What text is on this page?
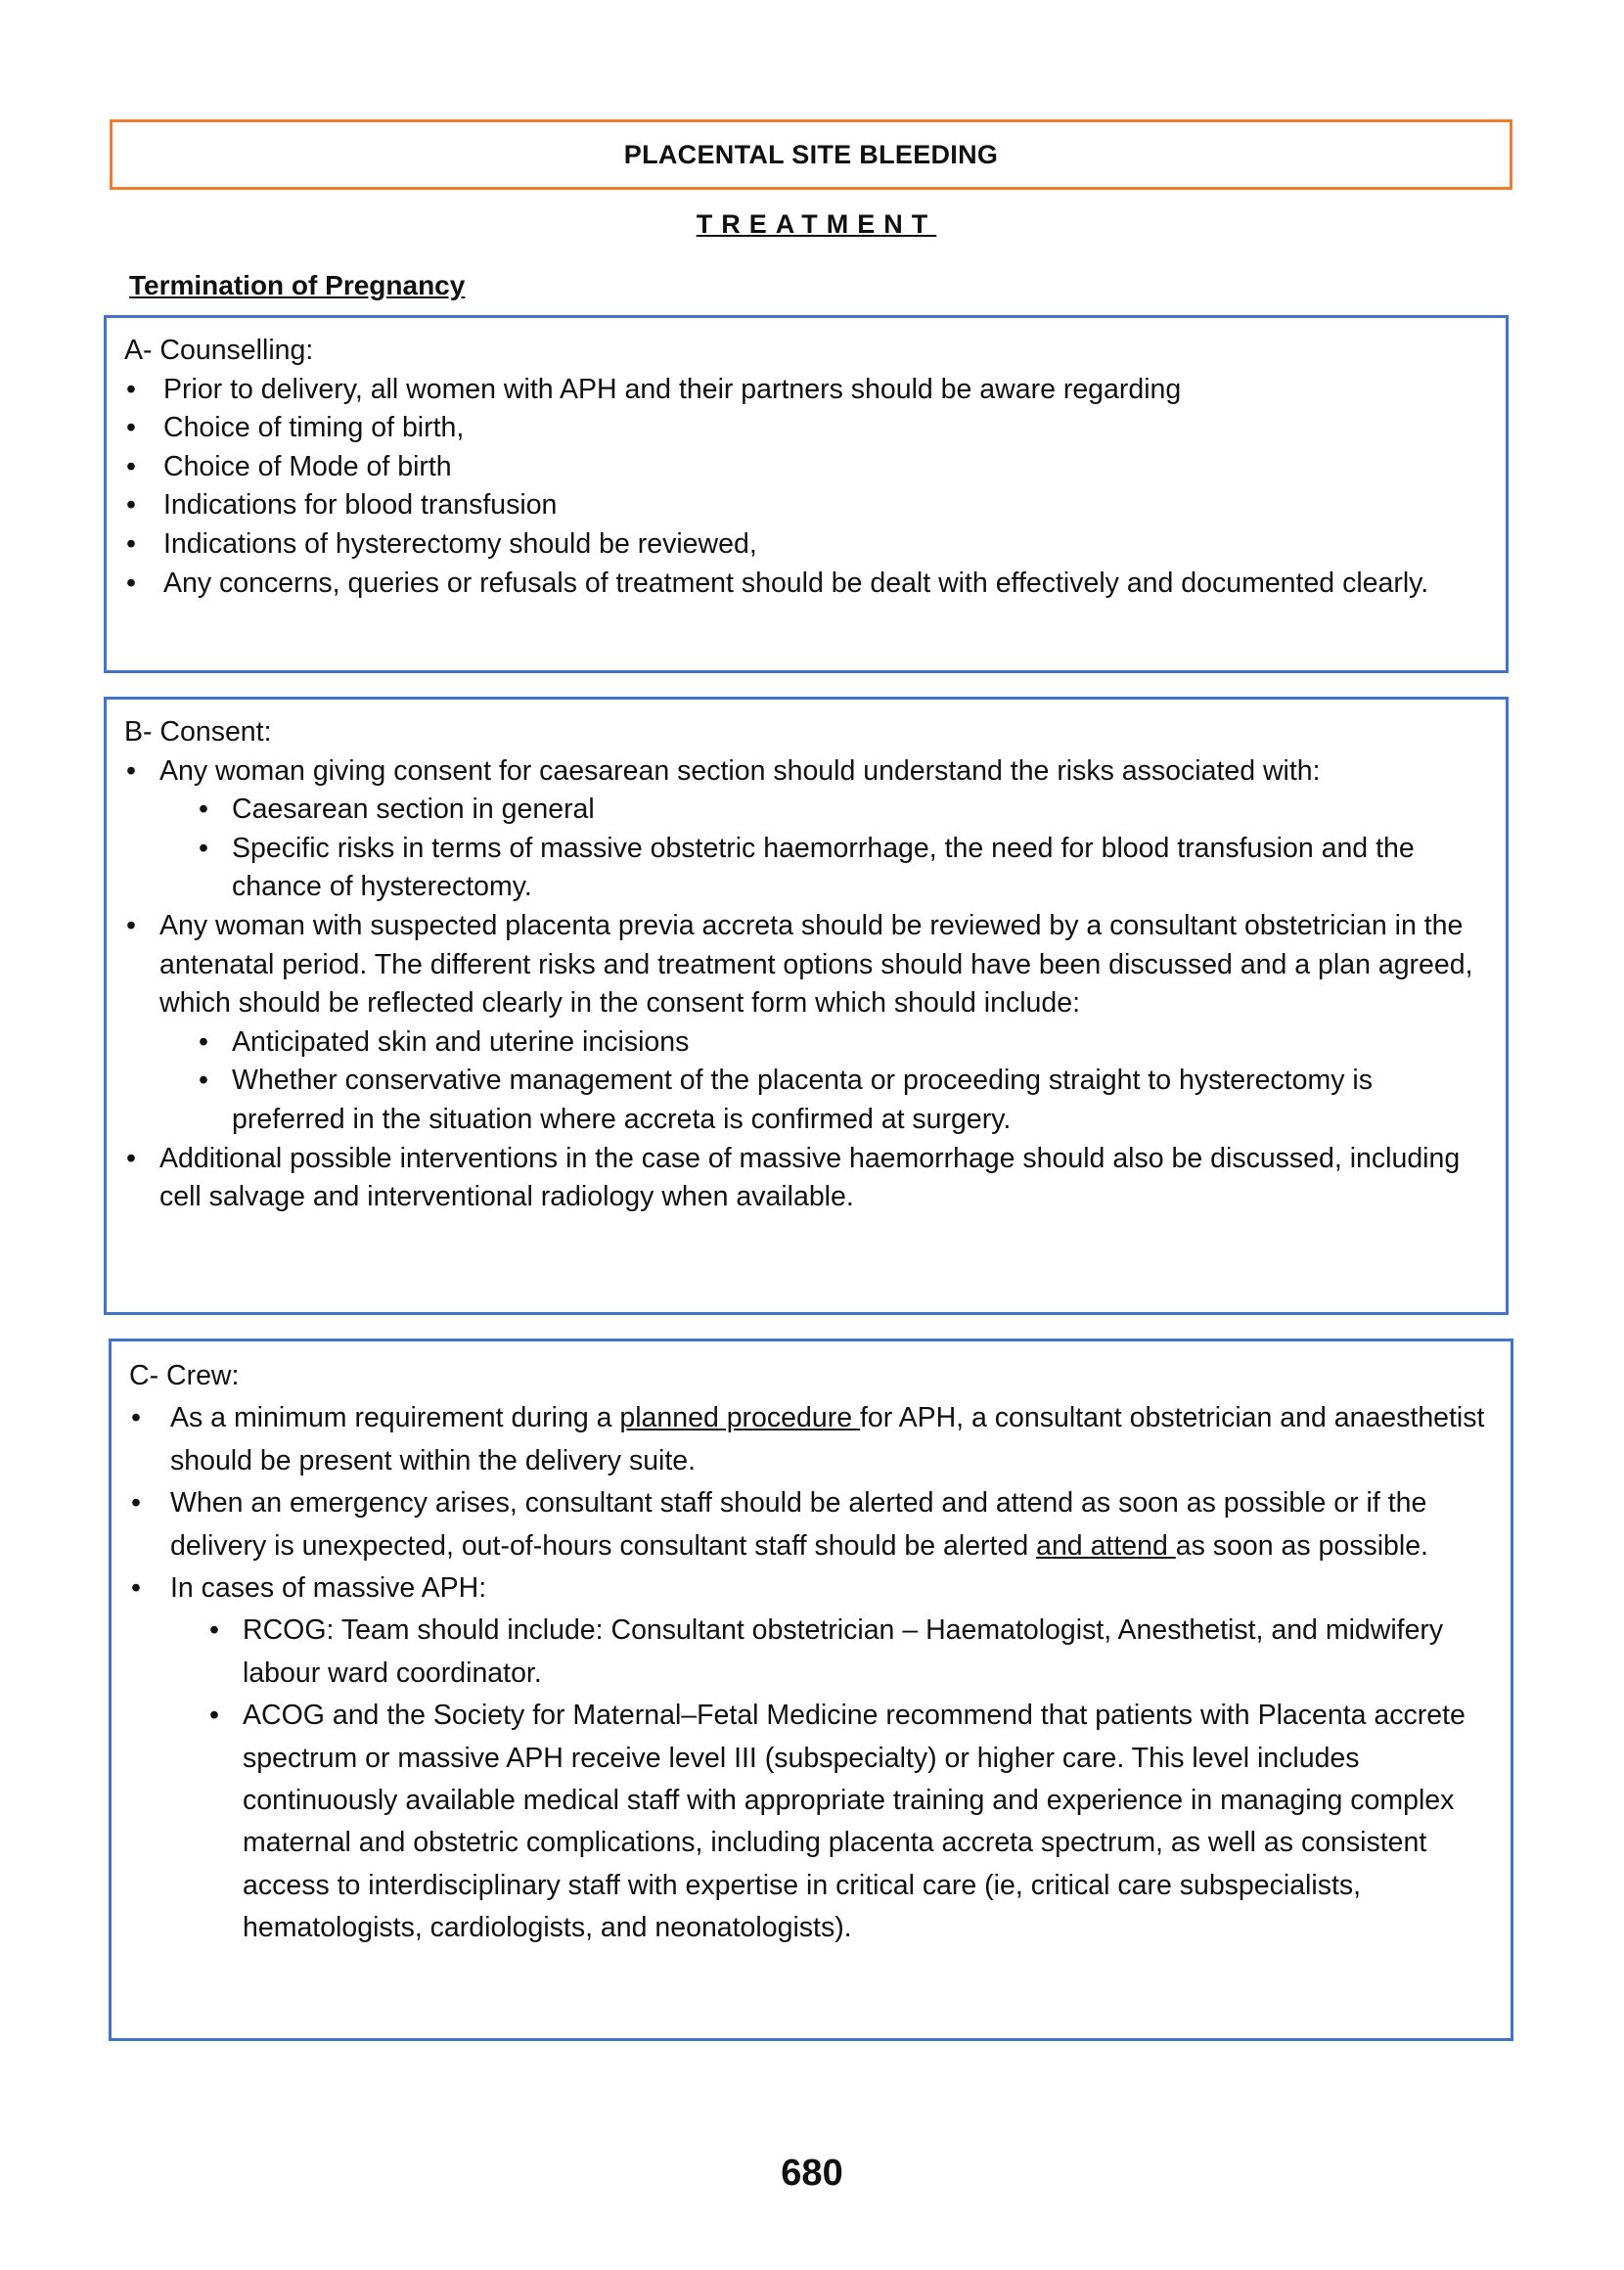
PLACENTAL SITE BLEEDING
TREATMENT
Termination of Pregnancy
A- Counselling:
• Prior to delivery, all women with APH and their partners should be aware regarding
• Choice of timing of birth,
• Choice of Mode of birth
• Indications for blood transfusion
• Indications of hysterectomy should be reviewed,
• Any concerns, queries or refusals of treatment should be dealt with effectively and documented clearly.
B- Consent:
• Any woman giving consent for caesarean section should understand the risks associated with:
• Caesarean section in general
• Specific risks in terms of massive obstetric haemorrhage, the need for blood transfusion and the chance of hysterectomy.
• Any woman with suspected placenta previa accreta should be reviewed by a consultant obstetrician in the antenatal period. The different risks and treatment options should have been discussed and a plan agreed, which should be reflected clearly in the consent form which should include:
• Anticipated skin and uterine incisions
• Whether conservative management of the placenta or proceeding straight to hysterectomy is preferred in the situation where accreta is confirmed at surgery.
• Additional possible interventions in the case of massive haemorrhage should also be discussed, including cell salvage and interventional radiology when available.
C- Crew:
• As a minimum requirement during a planned procedure for APH, a consultant obstetrician and anaesthetist should be present within the delivery suite.
• When an emergency arises, consultant staff should be alerted and attend as soon as possible or if the delivery is unexpected, out-of-hours consultant staff should be alerted and attend as soon as possible.
• In cases of massive APH:
• RCOG: Team should include: Consultant obstetrician – Haematologist, Anesthetist, and midwifery labour ward coordinator.
• ACOG and the Society for Maternal–Fetal Medicine recommend that patients with Placenta accrete spectrum or massive APH receive level III (subspecialty) or higher care. This level includes continuously available medical staff with appropriate training and experience in managing complex maternal and obstetric complications, including placenta accreta spectrum, as well as consistent access to interdisciplinary staff with expertise in critical care (ie, critical care subspecialists, hematologists, cardiologists, and neonatologists).
680
